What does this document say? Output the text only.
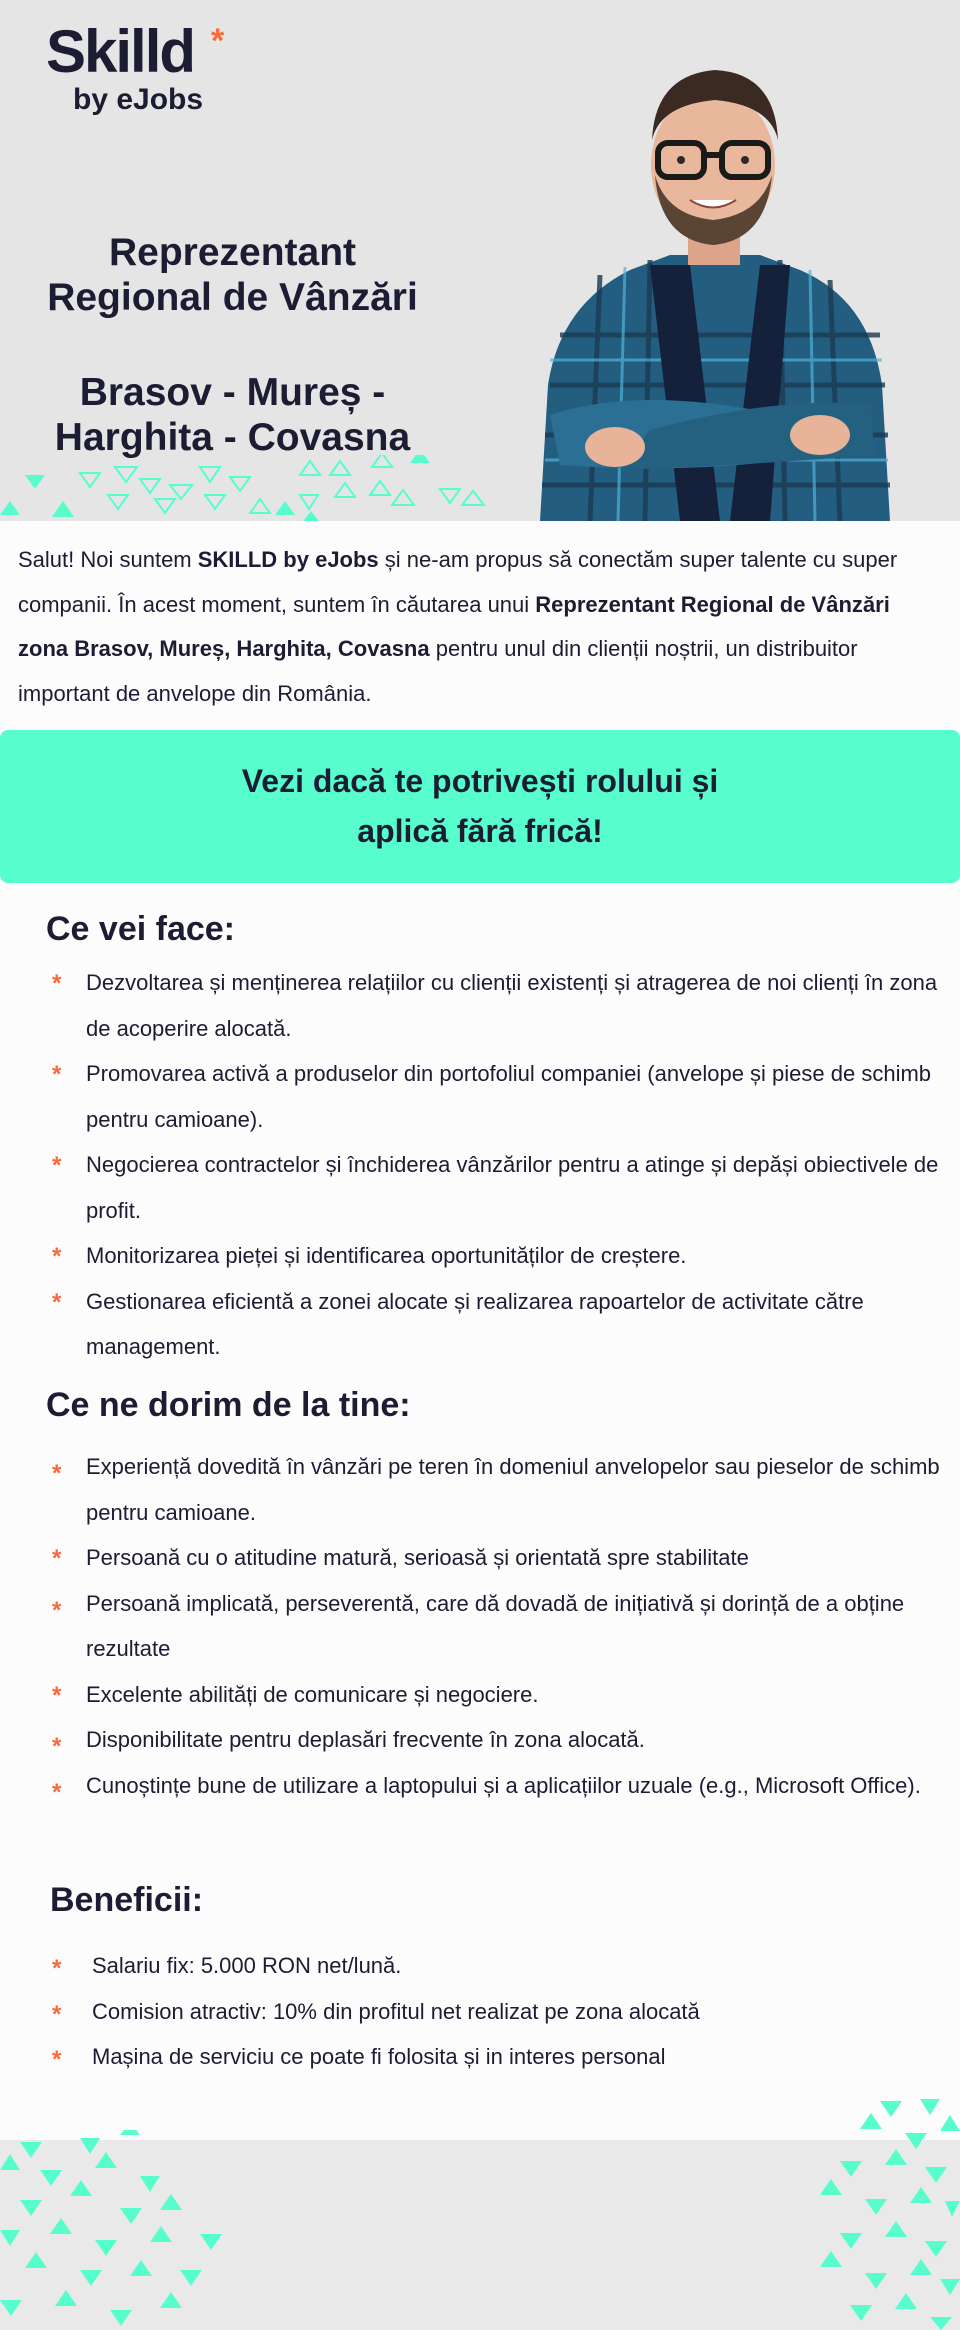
Skilld *
by eJobs
Reprezentant Regional de Vânzări
Brasov - Mureș - Harghita - Covasna
Salut! Noi suntem SKILLD by eJobs și ne-am propus să conectăm super talente cu super companii. În acest moment, suntem în căutarea unui Reprezentant Regional de Vânzări zona Brasov, Mureș, Harghita, Covasna pentru unul din clienții noștrii, un distribuitor important de anvelope din România.
Vezi dacă te potrivești rolului și
aplică fără frică!
Ce vei face:
* Dezvoltarea și menținerea relațiilor cu clienții existenți și atragerea de noi clienți în zona de acoperire alocată.
* Promovarea activă a produselor din portofoliul companiei (anvelope și piese de schimb pentru camioane).
* Negocierea contractelor și închiderea vânzărilor pentru a atinge și depăși obiectivele de profit.
* Monitorizarea pieței și identificarea oportunităților de creștere.
* Gestionarea eficientă a zonei alocate și realizarea rapoartelor de activitate către management.
Ce ne dorim de la tine:
* Experiență dovedită în vânzări pe teren în domeniul anvelopelor sau pieselor de schimb pentru camioane.
* Persoană cu o atitudine matură, serioasă și orientată spre stabilitate
* Persoană implicată, perseverentă, care dă dovadă de inițiativă și dorință de a obține rezultate
* Excelente abilități de comunicare și negociere.
* Disponibilitate pentru deplasări frecvente în zona alocată.
* Cunoștințe bune de utilizare a laptopului și a aplicațiilor uzuale (e.g., Microsoft Office).
Beneficii:
* Salariu fix: 5.000 RON net/lună.
* Comision atractiv: 10% din profitul net realizat pe zona alocată
* Mașina de serviciu ce poate fi folosita și in interes personal
